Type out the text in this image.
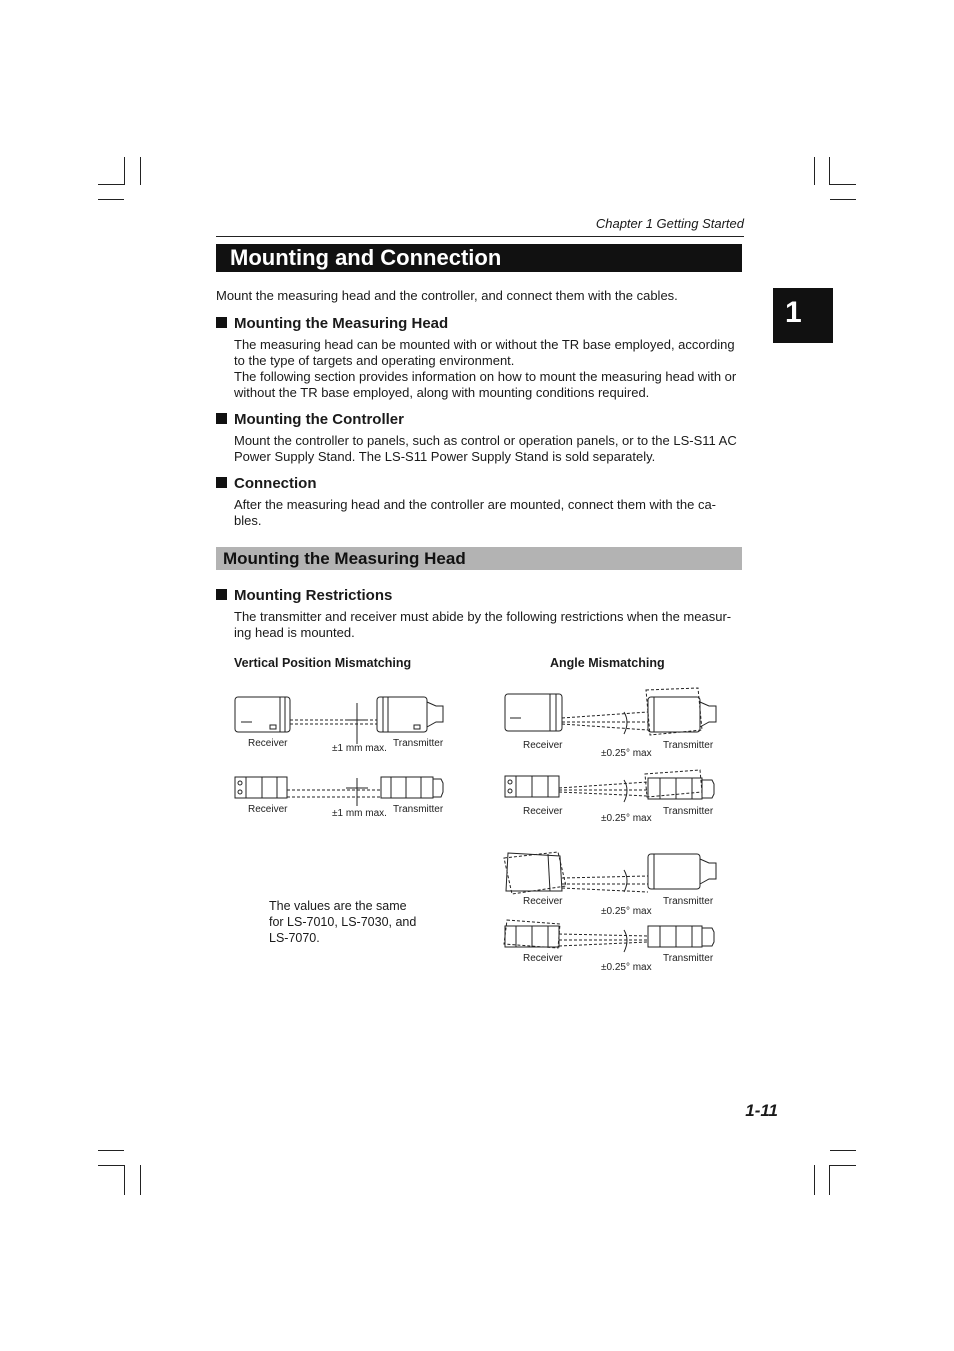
Chapter 1 Getting Started
1
Mounting and Connection
Mount the measuring head and the controller, and connect them with the cables.
Mounting the Measuring Head
The measuring head can be mounted with or without the TR base employed, according
to the type of targets and operating environment.
The following section provides information on how to mount the measuring head with or
without the TR base employed, along with mounting conditions required.
Mounting the Controller
Mount the controller to panels, such as control or operation panels, or to the LS-S11 AC
Power Supply Stand. The LS-S11 Power Supply Stand is sold separately.
Connection
After the measuring head and the controller are mounted, connect them with the ca-
bles.
Mounting the Measuring Head
Mounting Restrictions
The transmitter and receiver must abide by the following restrictions when the measur-
ing head is mounted.
Vertical Position Mismatching	Angle Mismatching
Receiver	Transmitter
±1 mm max.
Receiver	Transmitter
±1 mm max.
Receiver	Transmitter
±0.25° max
Receiver	Transmitter
±0.25° max
Receiver	Transmitter
±0.25° max
Receiver	Transmitter
±0.25° max
The values are the same
for LS-7010, LS-7030, and
LS-7070.
1-11
